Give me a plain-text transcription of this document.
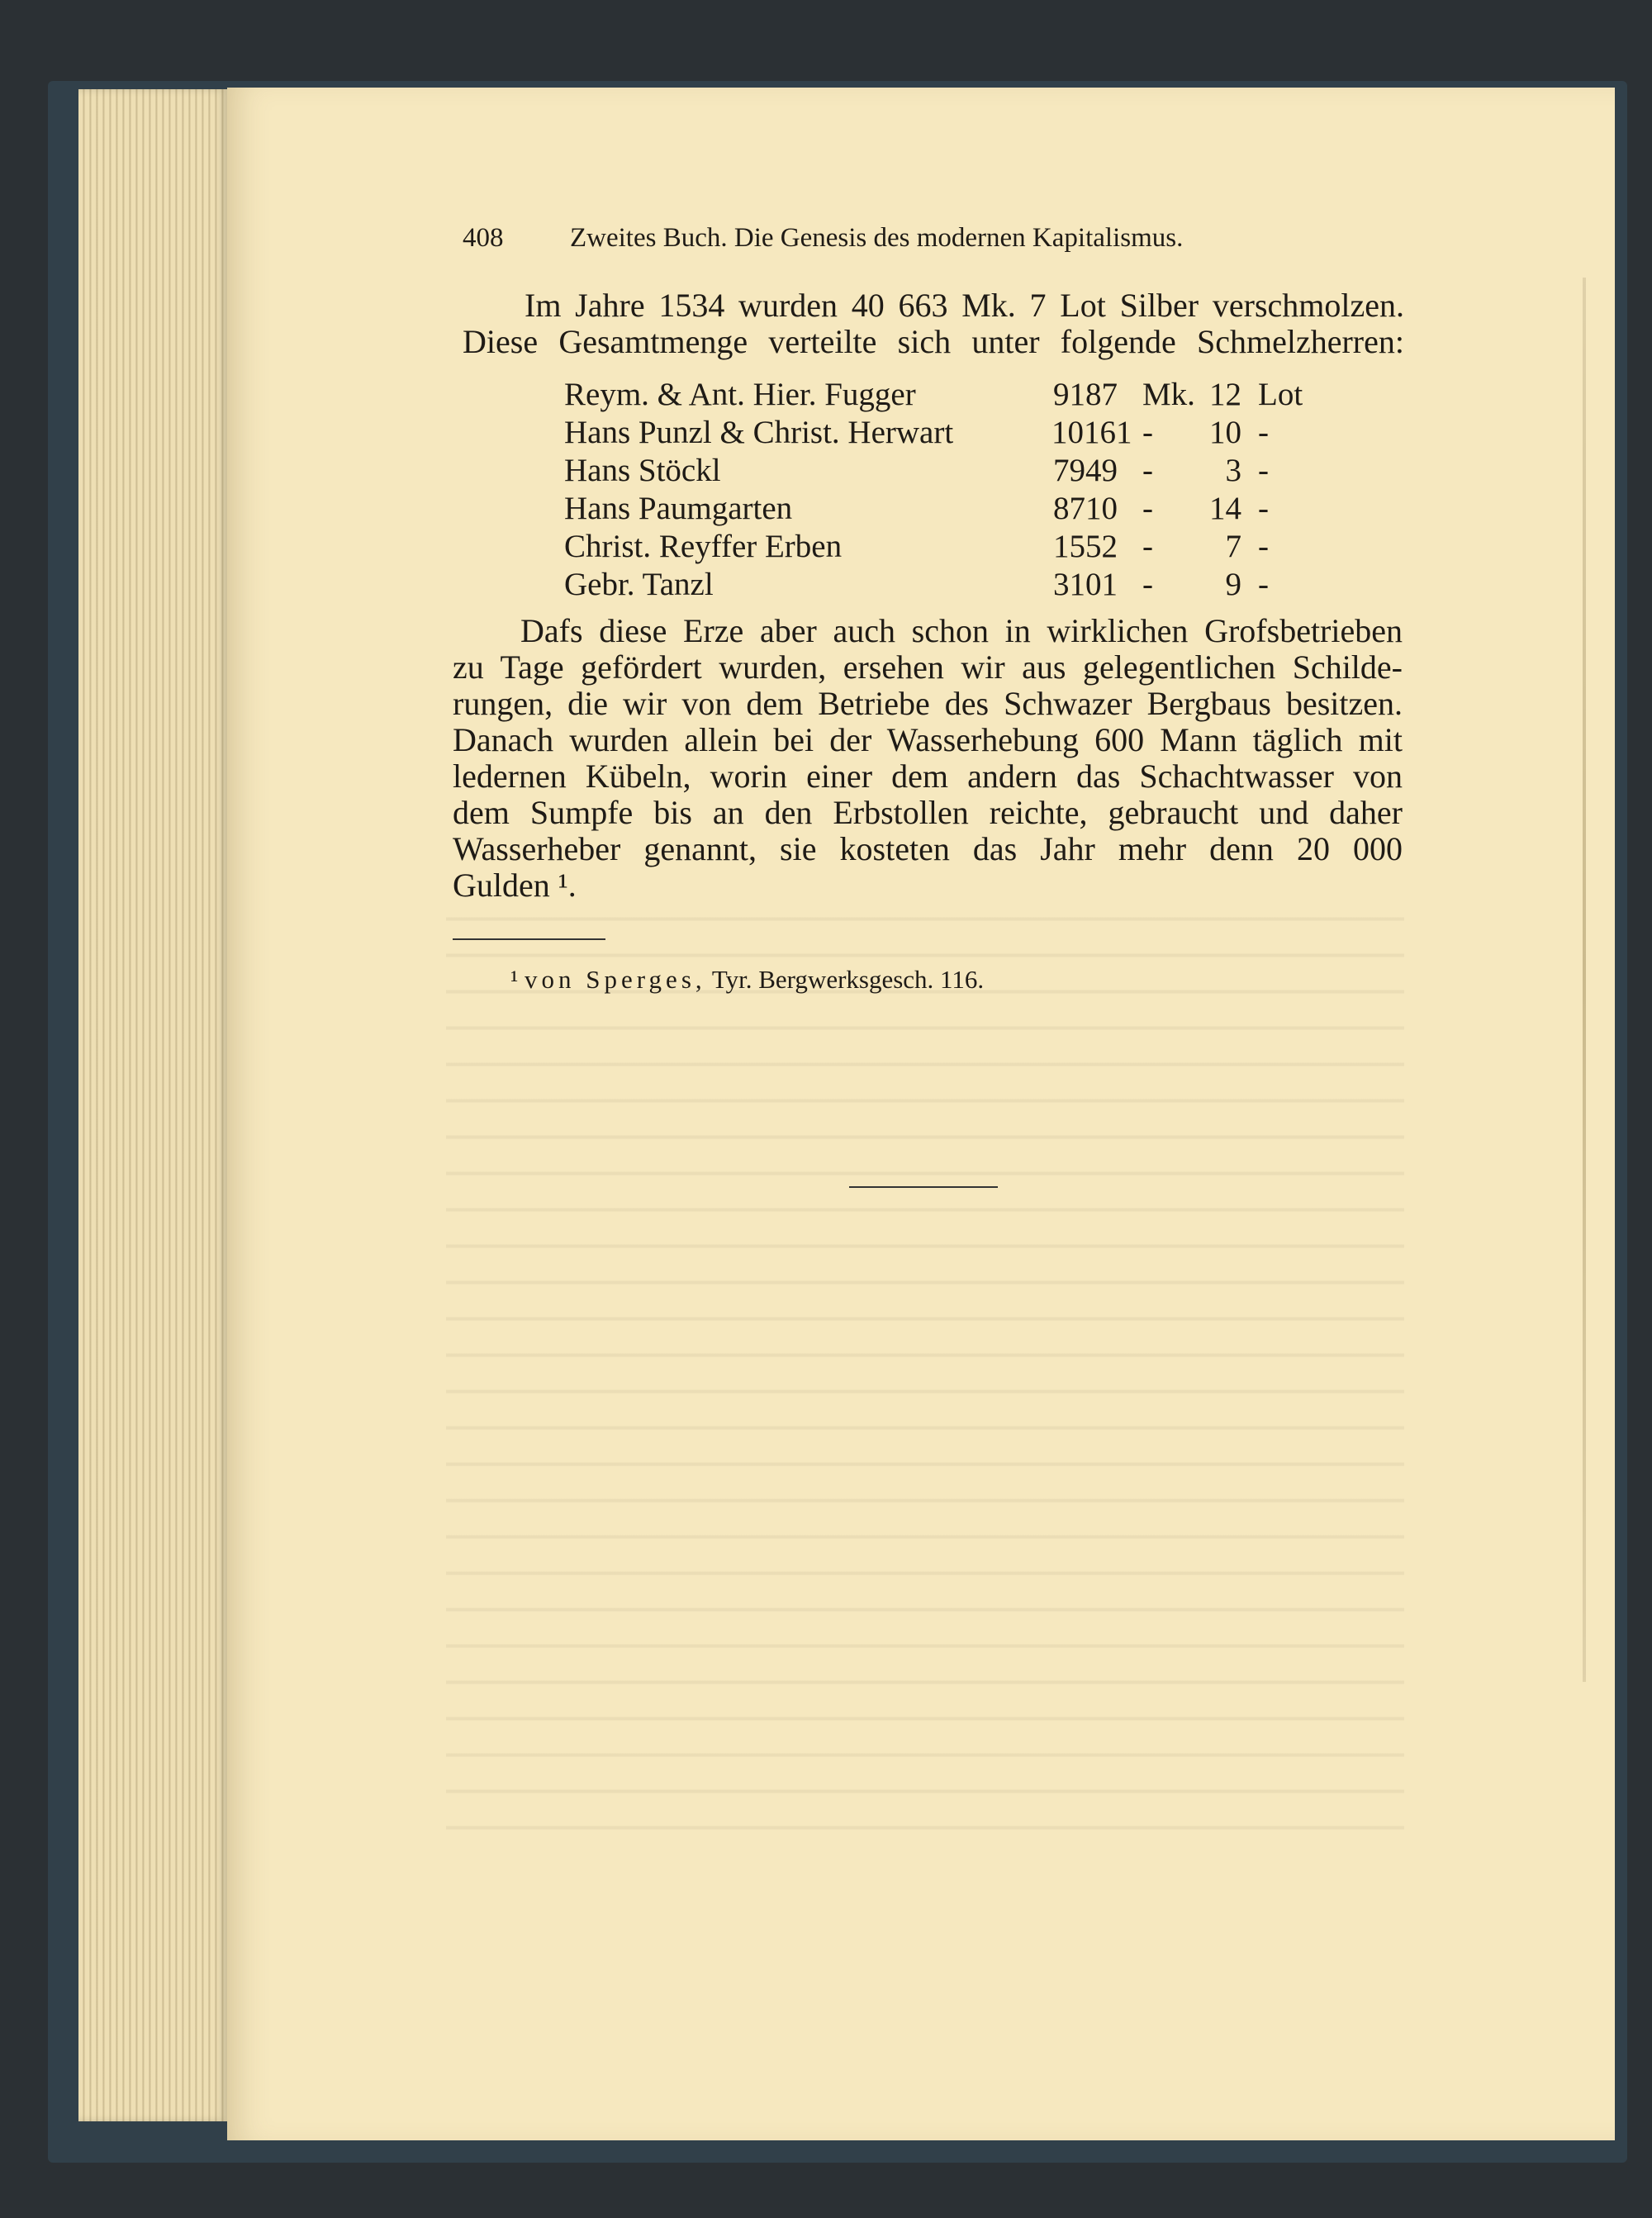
408 Zweites Buch. Die Genesis des modernen Kapitalismus.
Im Jahre 1534 wurden 40 663 Mk. 7 Lot Silber verschmolzen.
Diese Gesamtmenge verteilte sich unter folgende Schmelzherren:
Reym. & Ant. Hier. Fugger . . .	9187 Mk. 12 Lot
Hans Punzl & Christ. Herwart . . .	10161 -	10 -
Hans Stöckl . . .	7949 -	3 -
Hans Paumgarten . . .	8710 -	14 -
Christ. Reyffer Erben . . .	1552 -	7 -
Gebr. Tanzl . . .	3101 -	9 -
Dafs diese Erze aber auch schon in wirklichen Grofsbetrieben
zu Tage gefördert wurden, ersehen wir aus gelegentlichen Schilde-
rungen, die wir von dem Betriebe des Schwazer Bergbaus besitzen.
Danach wurden allein bei der Wasserhebung 600 Mann täglich mit
ledernen Kübeln, worin einer dem andern das Schachtwasser von
dem Sumpfe bis an den Erbstollen reichte, gebraucht und daher
Wasserheber genannt, sie kosteten das Jahr mehr denn 20 000
Gulden ¹.
¹ von Sperges, Tyr. Bergwerksgesch. 116.
